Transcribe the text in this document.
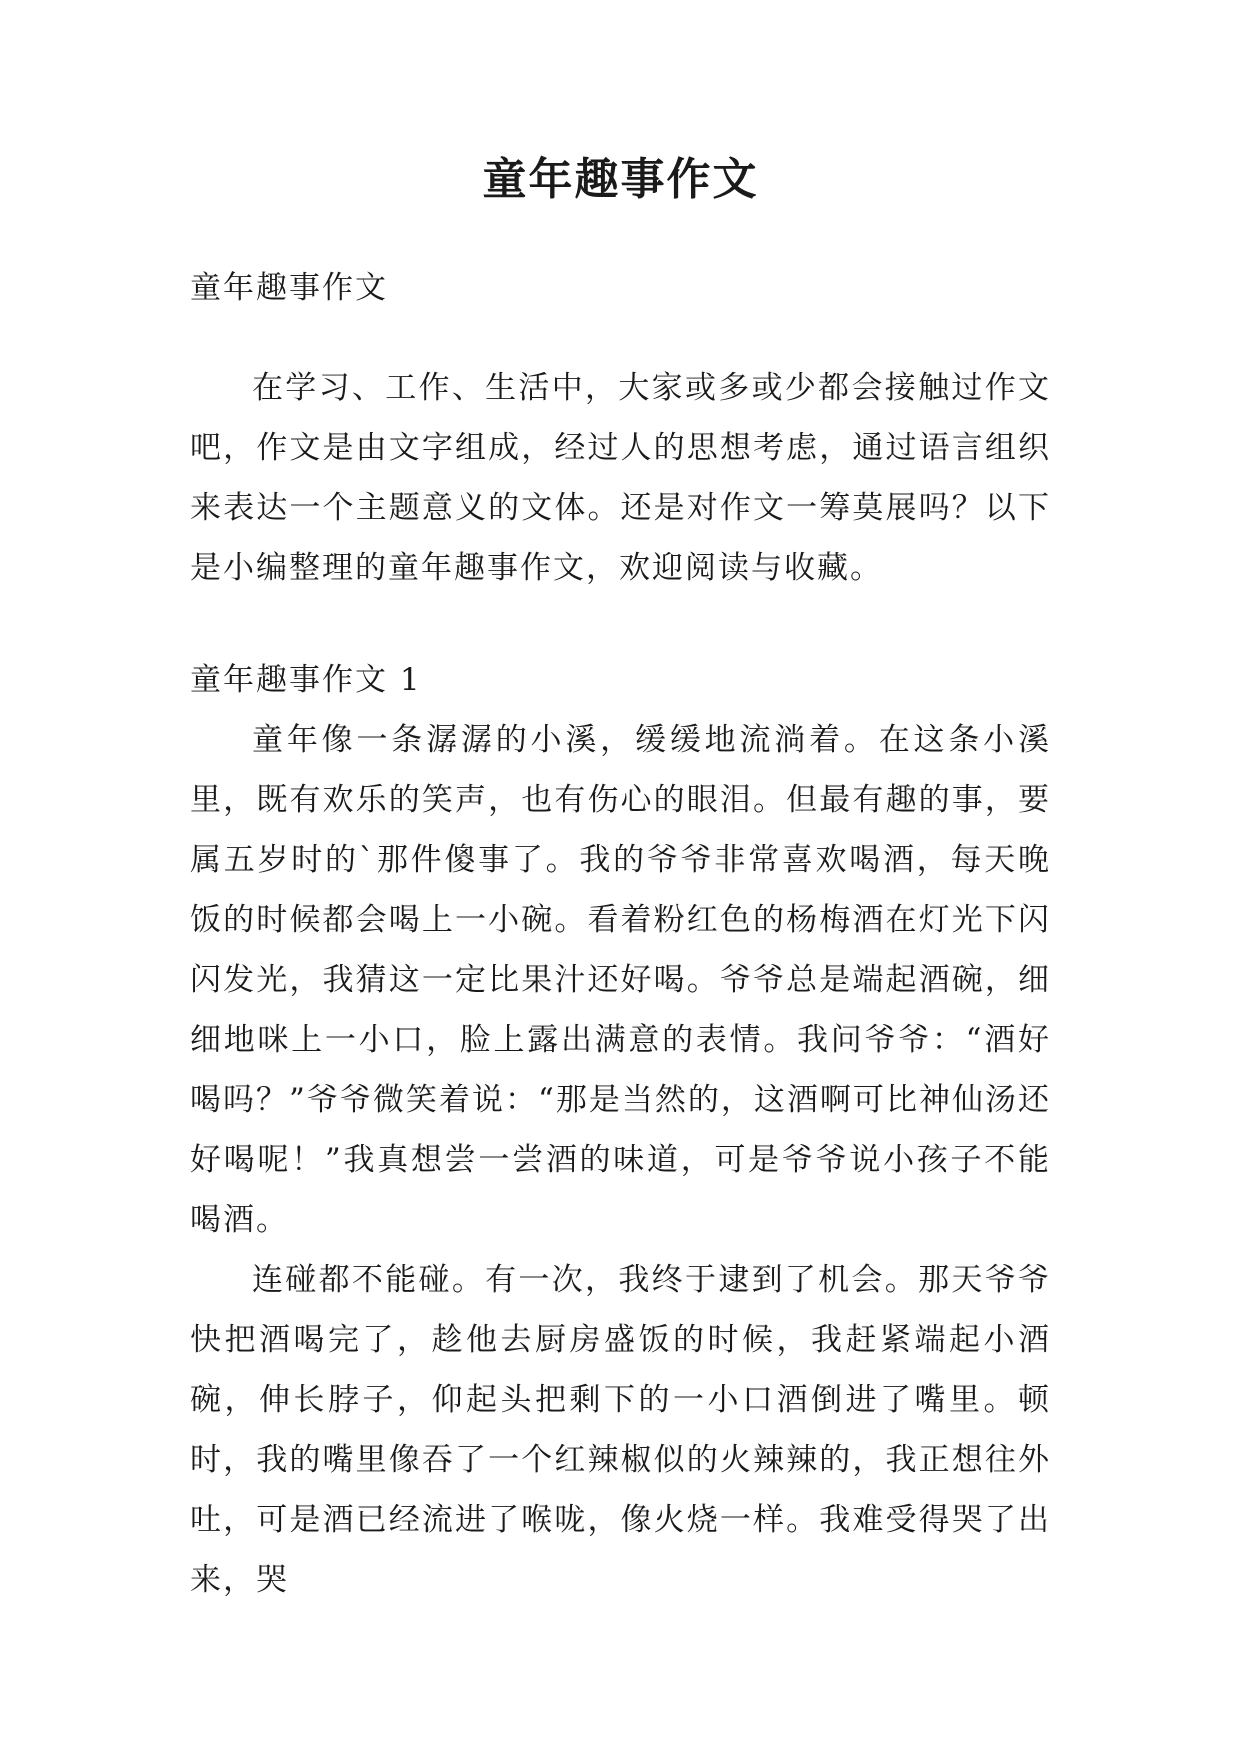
童年趣事作文

童年趣事作文

在学习、工作、生活中，大家或多或少都会接触过作文吧，作文是由文字组成，经过人的思想考虑，通过语言组织来表达一个主题意义的文体。还是对作文一筹莫展吗？以下是小编整理的童年趣事作文，欢迎阅读与收藏。

童年趣事作文 1

童年像一条潺潺的小溪，缓缓地流淌着。在这条小溪里，既有欢乐的笑声，也有伤心的眼泪。但最有趣的事，要属五岁时的`那件傻事了。我的爷爷非常喜欢喝酒，每天晚饭的时候都会喝上一小碗。看着粉红色的杨梅酒在灯光下闪闪发光，我猜这一定比果汁还好喝。爷爷总是端起酒碗，细细地咪上一小口，脸上露出满意的表情。我问爷爷：“酒好喝吗？”爷爷微笑着说：“那是当然的，这酒啊可比神仙汤还好喝呢！”我真想尝一尝酒的味道，可是爷爷说小孩子不能喝酒。

连碰都不能碰。有一次，我终于逮到了机会。那天爷爷快把酒喝完了，趁他去厨房盛饭的时候，我赶紧端起小酒碗，伸长脖子，仰起头把剩下的一小口酒倒进了嘴里。顿时，我的嘴里像吞了一个红辣椒似的火辣辣的，我正想往外吐，可是酒已经流进了喉咙，像火烧一样。我难受得哭了出来，哭
